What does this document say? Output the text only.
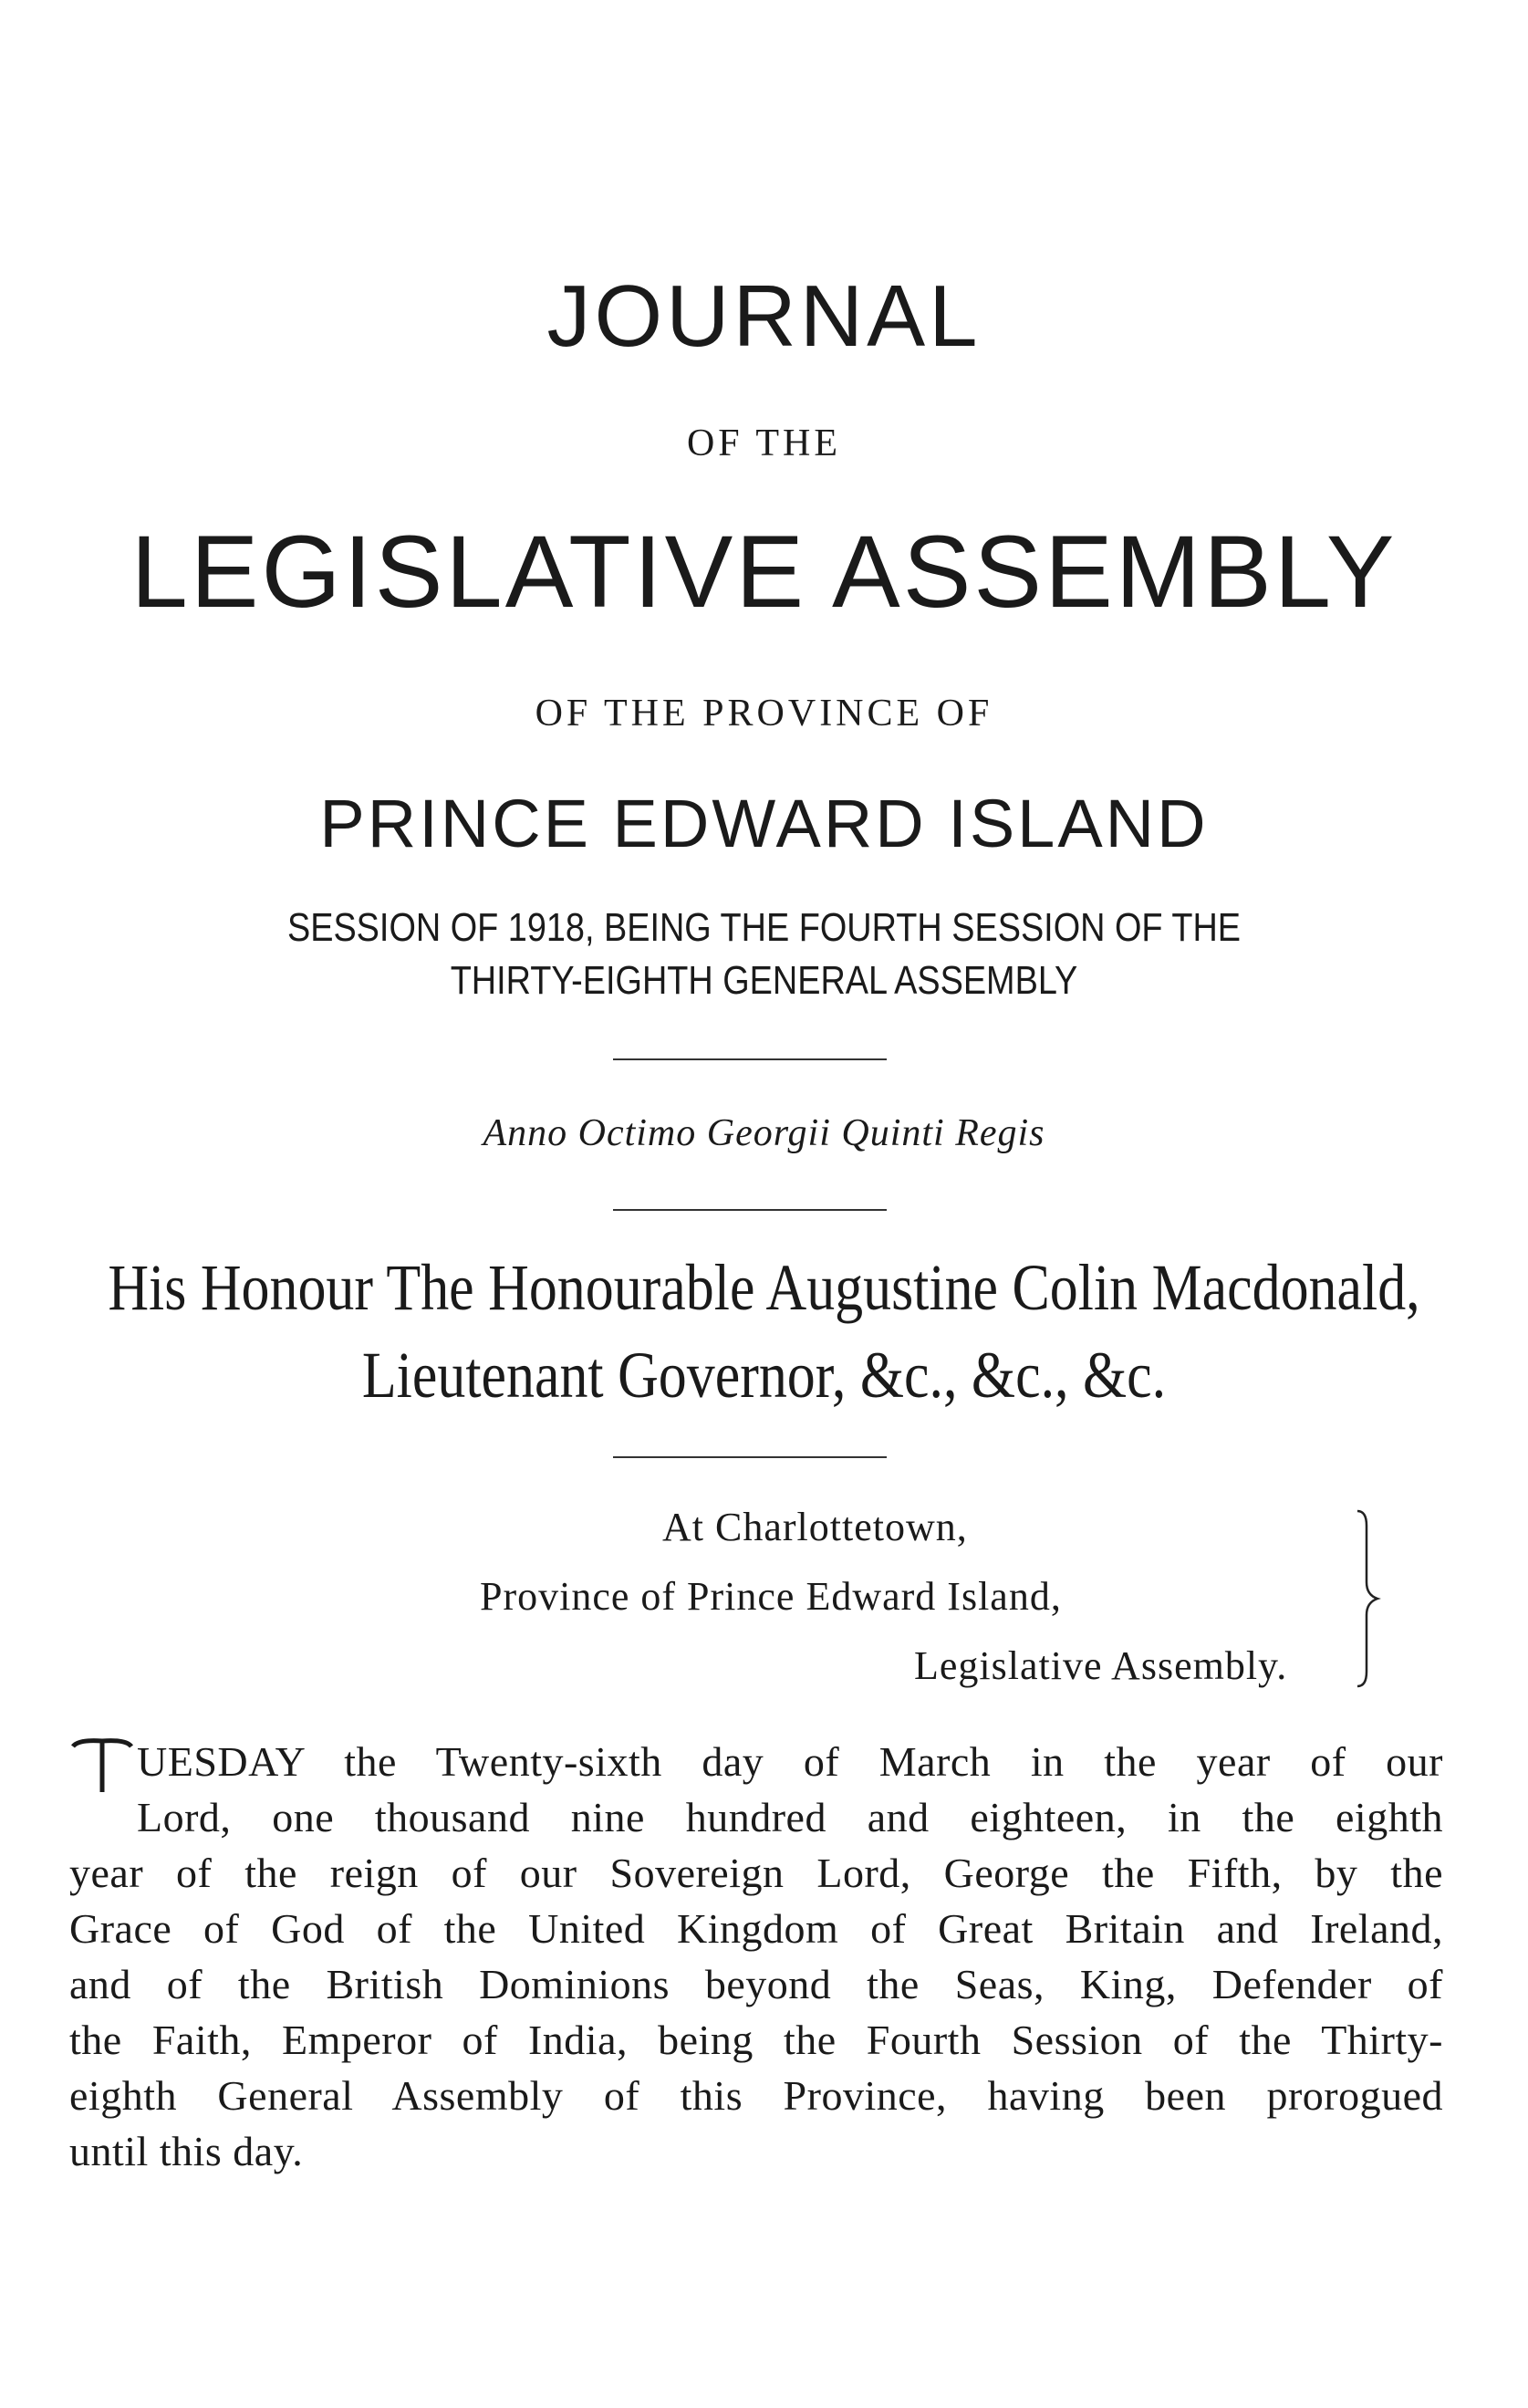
JOURNAL
OF THE
LEGISLATIVE ASSEMBLY
OF THE PROVINCE OF
PRINCE EDWARD ISLAND
SESSION OF 1918, BEING THE FOURTH SESSION OF THE
THIRTY-EIGHTH GENERAL ASSEMBLY
Anno Octimo Georgii Quinti Regis
His Honour The Honourable Augustine Colin Macdonald,
Lieutenant Governor, &c., &c., &c.
At Charlottetown,
Province of Prince Edward Island,
Legislative Assembly.
UESDAY the Twenty-sixth day of March in the year of our
Lord, one thousand nine hundred and eighteen, in the eighth
year of the reign of our Sovereign Lord, George the Fifth, by the
Grace of God of the United Kingdom of Great Britain and Ireland,
and of the British Dominions beyond the Seas, King, Defender of
the Faith, Emperor of India, being the Fourth Session of the Thirty-
eighth General Assembly of this Province, having been prorogued
until this day.
